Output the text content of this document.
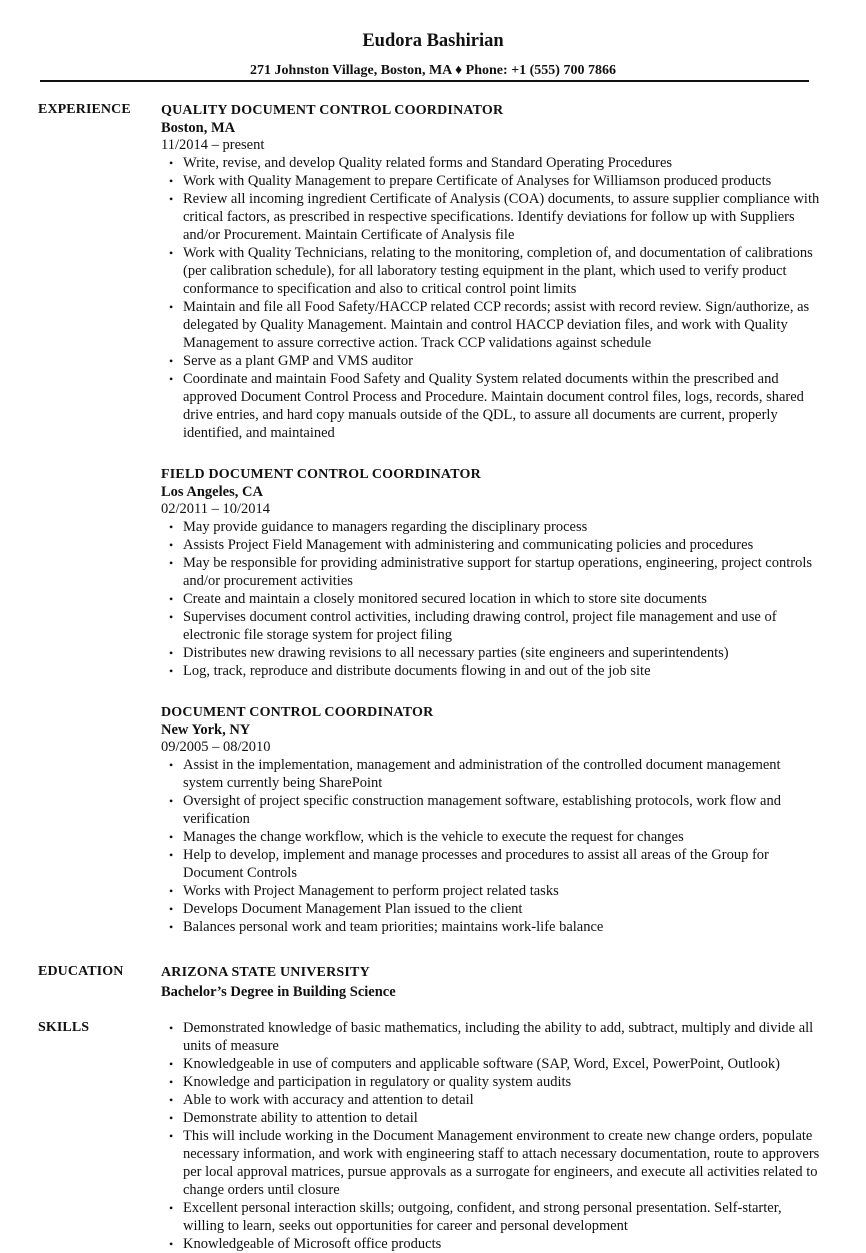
Eudora Bashirian
271 Johnston Village, Boston, MA ♦ Phone: +1 (555) 700 7866
EXPERIENCE QUALITY DOCUMENT CONTROL COORDINATOR
Boston, MA
11/2014 – present
• Write, revise, and develop Quality related forms and Standard Operating Procedures
• Work with Quality Management to prepare Certificate of Analyses for Williamson produced products
• Review all incoming ingredient Certificate of Analysis (COA) documents, to assure supplier compliance with critical factors, as prescribed in respective specifications. Identify deviations for follow up with Suppliers and/or Procurement. Maintain Certificate of Analysis file
• Work with Quality Technicians, relating to the monitoring, completion of, and documentation of calibrations (per calibration schedule), for all laboratory testing equipment in the plant, which used to verify product conformance to specification and also to critical control point limits
• Maintain and file all Food Safety/HACCP related CCP records; assist with record review. Sign/authorize, as delegated by Quality Management. Maintain and control HACCP deviation files, and work with Quality Management to assure corrective action. Track CCP validations against schedule
• Serve as a plant GMP and VMS auditor
• Coordinate and maintain Food Safety and Quality System related documents within the prescribed and approved Document Control Process and Procedure. Maintain document control files, logs, records, shared drive entries, and hard copy manuals outside of the QDL, to assure all documents are current, properly identified, and maintained
FIELD DOCUMENT CONTROL COORDINATOR
Los Angeles, CA
02/2011 – 10/2014
• May provide guidance to managers regarding the disciplinary process
• Assists Project Field Management with administering and communicating policies and procedures
• May be responsible for providing administrative support for startup operations, engineering, project controls and/or procurement activities
• Create and maintain a closely monitored secured location in which to store site documents
• Supervises document control activities, including drawing control, project file management and use of electronic file storage system for project filing
• Distributes new drawing revisions to all necessary parties (site engineers and superintendents)
• Log, track, reproduce and distribute documents flowing in and out of the job site
DOCUMENT CONTROL COORDINATOR
New York, NY
09/2005 – 08/2010
• Assist in the implementation, management and administration of the controlled document management system currently being SharePoint
• Oversight of project specific construction management software, establishing protocols, work flow and verification
• Manages the change workflow, which is the vehicle to execute the request for changes
• Help to develop, implement and manage processes and procedures to assist all areas of the Group for Document Controls
• Works with Project Management to perform project related tasks
• Develops Document Management Plan issued to the client
• Balances personal work and team priorities; maintains work-life balance
EDUCATION	ARIZONA STATE UNIVERSITY
Bachelor’s Degree in Building Science
SKILLS	• Demonstrated knowledge of basic mathematics, including the ability to add, subtract, multiply and divide all units of measure
• Knowledgeable in use of computers and applicable software (SAP, Word, Excel, PowerPoint, Outlook)
• Knowledge and participation in regulatory or quality system audits
• Able to work with accuracy and attention to detail
• Demonstrate ability to attention to detail
• This will include working in the Document Management environment to create new change orders, populate necessary information, and work with engineering staff to attach necessary documentation, route to approvers per local approval matrices, pursue approvals as a surrogate for engineers, and execute all activities related to change orders until closure
• Excellent personal interaction skills; outgoing, confident, and strong personal presentation. Self-starter, willing to learn, seeks out opportunities for career and personal development
• Knowledgeable of Microsoft office products
